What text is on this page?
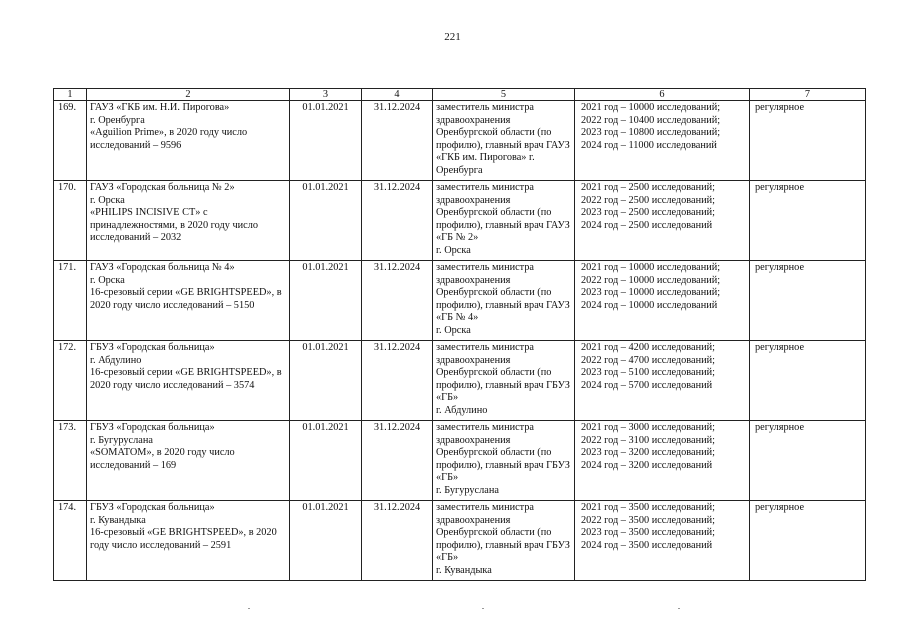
221
1	2	3	4	5	6	7
169.	ГАУЗ «ГКБ им. Н.И. Пирогова»
г. Оренбурга
«Aguilion Prime», в 2020 году число исследований – 9596	01.01.2021	31.12.2024	заместитель министра здравоохранения Оренбургской области (по профилю), главный врач ГАУЗ «ГКБ им. Пирогова» г. Оренбурга	2021 год – 10000 исследований;
2022 год – 10400 исследований;
2023 год – 10800 исследований;
2024 год – 11000 исследований	регулярное
170.	ГАУЗ «Городская больница № 2»
г. Орска
«PHILIPS INCISIVE CT» с принадлежностями, в 2020 году число исследований – 2032	01.01.2021	31.12.2024	заместитель министра здравоохранения Оренбургской области (по профилю), главный врач ГАУЗ «ГБ № 2»
г. Орска	2021 год – 2500 исследований;
2022 год – 2500 исследований;
2023 год – 2500 исследований;
2024 год – 2500 исследований	регулярное
171.	ГАУЗ «Городская больница № 4»
г. Орска
16-срезовый серии «GE BRIGHTSPEED», в 2020 году число исследований – 5150	01.01.2021	31.12.2024	заместитель министра здравоохранения Оренбургской области (по профилю), главный врач ГАУЗ «ГБ № 4»
г. Орска	2021 год – 10000 исследований;
2022 год – 10000 исследований;
2023 год – 10000 исследований;
2024 год – 10000 исследований	регулярное
172.	ГБУЗ «Городская больница»
г. Абдулино
16-срезовый серии «GE BRIGHTSPEED», в 2020 году число исследований – 3574	01.01.2021	31.12.2024	заместитель министра здравоохранения Оренбургской области (по профилю), главный врач ГБУЗ «ГБ»
г. Абдулино	2021 год – 4200 исследований;
2022 год – 4700 исследований;
2023 год – 5100 исследований;
2024 год – 5700 исследований	регулярное
173.	ГБУЗ «Городская больница»
г. Бугуруслана
«SOMATOM», в 2020 году число исследований – 169	01.01.2021	31.12.2024	заместитель министра здравоохранения Оренбургской области (по профилю), главный врач ГБУЗ «ГБ»
г. Бугуруслана	2021 год – 3000 исследований;
2022 год – 3100 исследований;
2023 год – 3200 исследований;
2024 год – 3200 исследований	регулярное
174.	ГБУЗ «Городская больница»
г. Кувандыка
16-срезовый «GE BRIGHTSPEED», в 2020 году число исследований – 2591	01.01.2021	31.12.2024	заместитель министра здравоохранения Оренбургской области (по профилю), главный врач ГБУЗ «ГБ»
г. Кувандыка	2021 год – 3500 исследований;
2022 год – 3500 исследований;
2023 год – 3500 исследований;
2024 год – 3500 исследований	регулярное
